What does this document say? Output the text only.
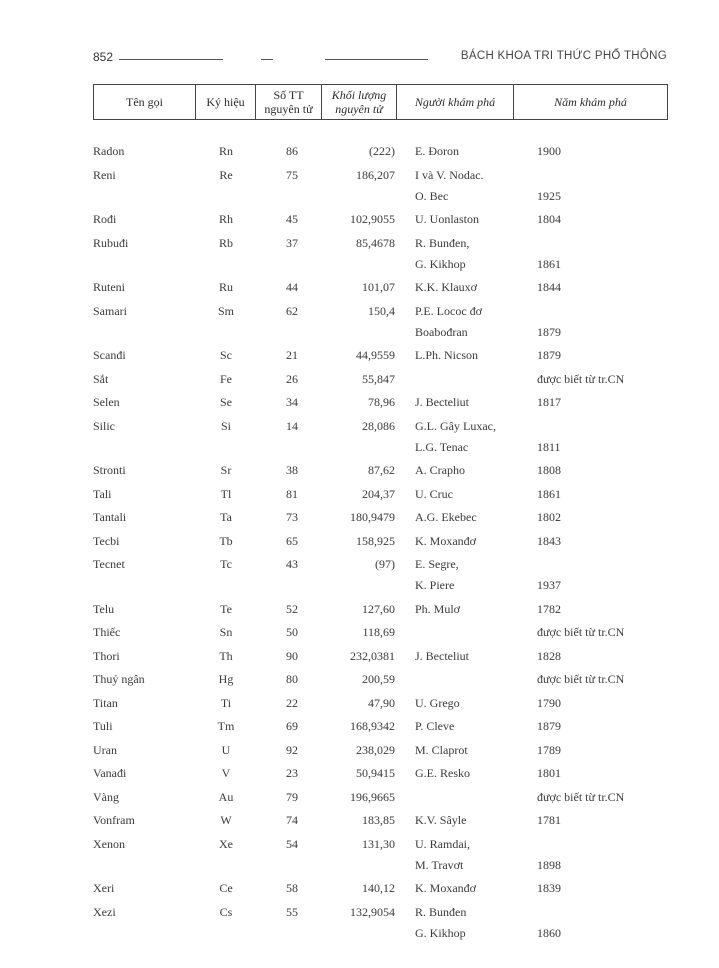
852	BÁCH KHOA TRI THỨC PHỔ THÔNG
Tên gọi	Ký hiệu	Số TT nguyên tử	Khối lượng nguyên tử	Người khám phá	Năm khám phá
Radon	Rn	86	(222) E. Đoron	1900
Reni	Re	75	186,207 I và V. Nodac.
O. Bec	1925
Rođi	Rh	45	102,9055 U. Uonlaston	1804
Rubuđi	Rb	37	85,4678 R. Bunđen,
G. Kikhop	1861
Ruteni	Ru	44	101,07 K.K. Klauxơ	1844
Samari	Sm	62	150,4 P.E. Lococ đơ
Boabođran	1879
Scanđi	Sc	21	44,9559 L.Ph. Nicson	1879
Sắt	Fe	26	55,847	được biết từ tr.CN
Selen	Se	34	78,96 J. Becteliut	1817
Silic	Si	14	28,086 G.L. Gây Luxac,
L.G. Tenac	1811
Stronti	Sr	38	87,62 A. Crapho	1808
Tali	Tl	81	204,37 U. Cruc	1861
Tantali	Ta	73	180,9479 A.G. Ekebec	1802
Tecbi	Tb	65	158,925 K. Moxanđơ	1843
Tecnet	Tc	43	(97) E. Segre,
K. Piere	1937
Telu	Te	52	127,60 Ph. Mulơ	1782
Thiếc	Sn	50	118,69	được biết từ tr.CN
Thori	Th	90	232,0381 J. Becteliut	1828
Thuỷ ngân	Hg	80	200,59	được biết từ tr.CN
Titan	Ti	22	47,90 U. Grego	1790
Tuli	Tm	69	168,9342 P. Cleve	1879
Uran	U	92	238,029 M. Claprot	1789
Vanađi	V	23	50,9415 G.E. Resko	1801
Vàng	Au	79	196,9665	được biết từ tr.CN
Vonfram	W	74	183,85 K.V. Sâyle	1781
Xenon	Xe	54	131,30 U. Ramdai,
M. Travơt	1898
Xeri	Ce	58	140,12 K. Moxanđơ	1839
Xezi	Cs	55	132,9054 R. Bunđen
G. Kikhop	1860
